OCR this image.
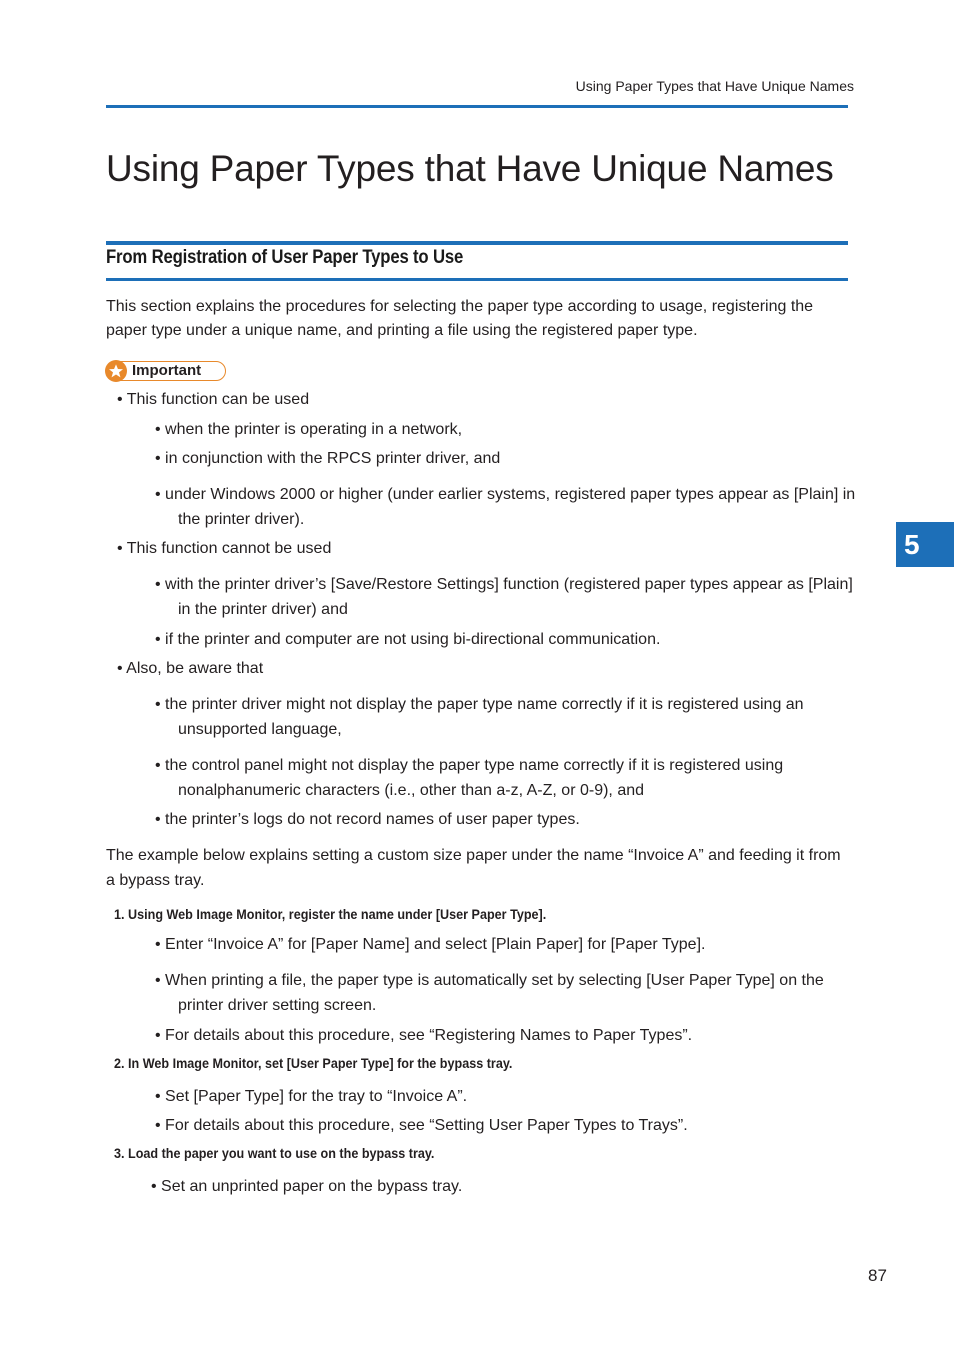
Using Paper Types that Have Unique Names
Using Paper Types that Have Unique Names
From Registration of User Paper Types to Use

This section explains the procedures for selecting the paper type according to usage, registering the

paper type under a unique name, and printing a file using the registered paper type.

Important

• This function can be used

• when the printer is operating in a network,

• in conjunction with the RPCS printer driver, and

• under Windows 2000 or higher (under earlier systems, registered paper types appear as [Plain] in the printer driver).

• This function cannot be used

• with the printer driver’s [Save/Restore Settings] function (registered paper types appear as [Plain] in the printer driver) and

• if the printer and computer are not using bi-directional communication.

• Also, be aware that

• the printer driver might not display the paper type name correctly if it is registered using an unsupported language,

• the control panel might not display the paper type name correctly if it is registered using nonalphanumeric characters (i.e., other than a-z, A-Z, or 0-9), and

• the printer’s logs do not record names of user paper types.

The example below explains setting a custom size paper under the name “Invoice A” and feeding it from

a bypass tray.

1. Using Web Image Monitor, register the name under [User Paper Type].

• Enter “Invoice A” for [Paper Name] and select [Plain Paper] for [Paper Type].

• When printing a file, the paper type is automatically set by selecting [User Paper Type] on the printer driver setting screen.

• For details about this procedure, see “Registering Names to Paper Types”.

2. In Web Image Monitor, set [User Paper Type] for the bypass tray.

• Set [Paper Type] for the tray to “Invoice A”.

• For details about this procedure, see “Setting User Paper Types to Trays”.

3. Load the paper you want to use on the bypass tray.

• Set an unprinted paper on the bypass tray.

87
5
